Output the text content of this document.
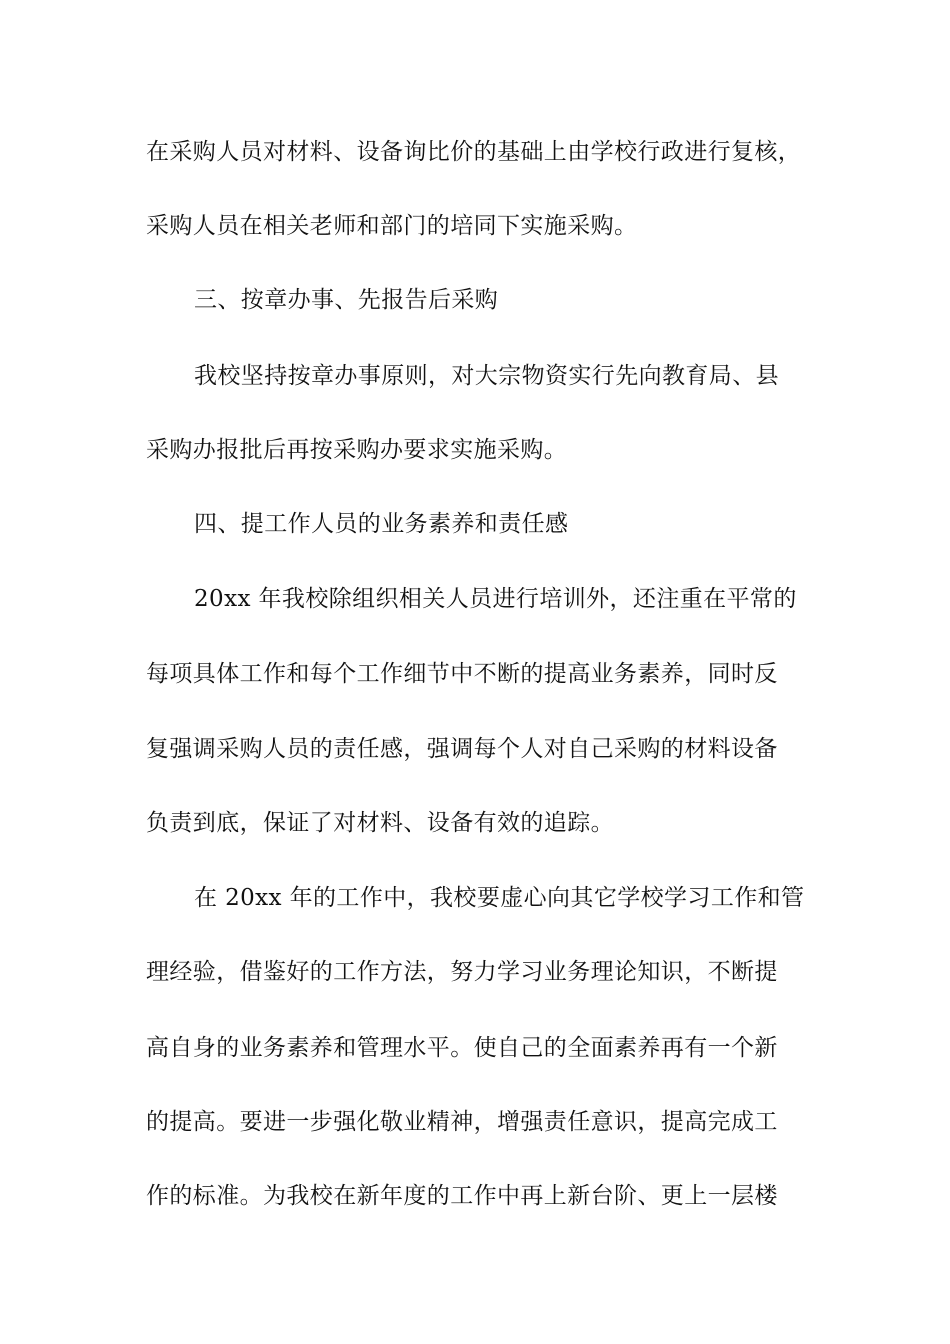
在采购人员对材料、设备询比价的基础上由学校行政进行复核，
采购人员在相关老师和部门的培同下实施采购。
三、按章办事、先报告后采购
我校坚持按章办事原则，对大宗物资实行先向教育局、县
采购办报批后再按采购办要求实施采购。
四、提工作人员的业务素养和责任感
20xx 年我校除组织相关人员进行培训外，还注重在平常的
每项具体工作和每个工作细节中不断的提高业务素养，同时反
复强调采购人员的责任感，强调每个人对自己采购的材料设备
负责到底，保证了对材料、设备有效的追踪。
在 20xx 年的工作中，我校要虚心向其它学校学习工作和管
理经验，借鉴好的工作方法，努力学习业务理论知识，不断提
高自身的业务素养和管理水平。使自己的全面素养再有一个新
的提高。要进一步强化敬业精神，增强责任意识，提高完成工
作的标准。为我校在新年度的工作中再上新台阶、更上一层楼
